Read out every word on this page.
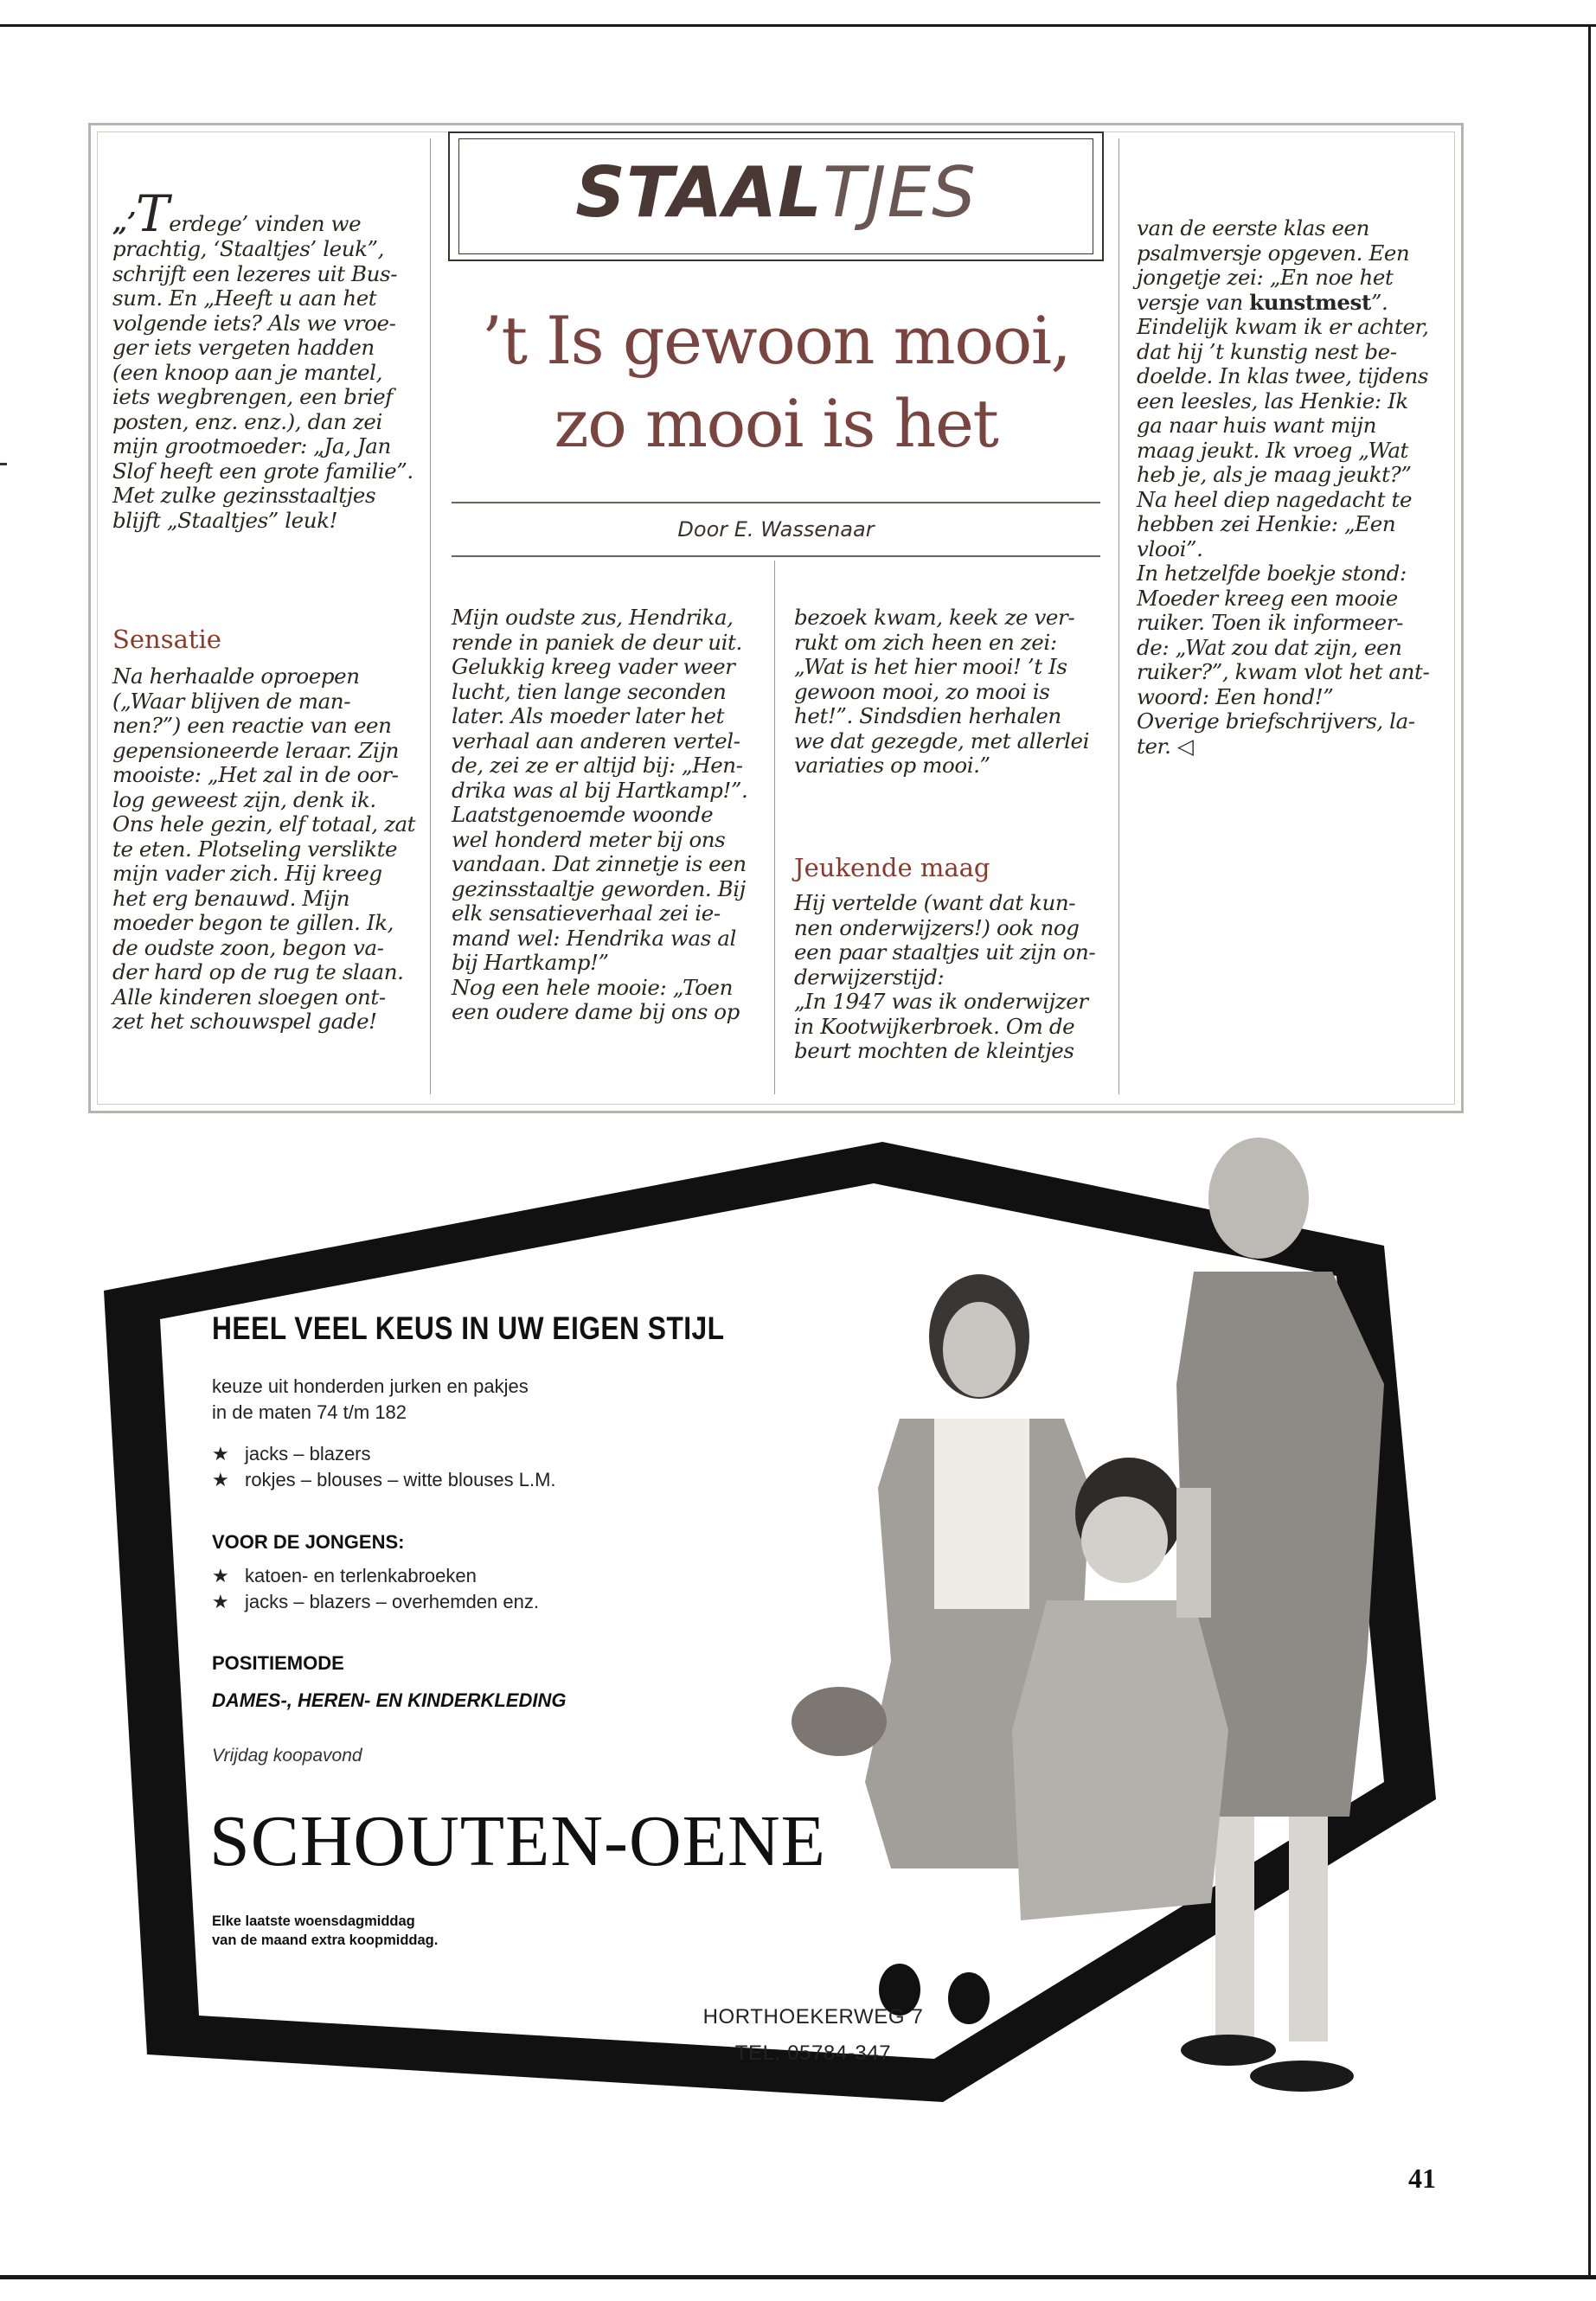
STAALTJES
’t Is gewoon mooi,
zo mooi is het
Door E. Wassenaar
„’Terdege’ vinden we

prachtig, ‘Staaltjes’ leuk”,

schrijft een lezeres uit Bus-

sum. En „Heeft u aan het

volgende iets? Als we vroe-

ger iets vergeten hadden

(een knoop aan je mantel,

iets wegbrengen, een brief

posten, enz. enz.), dan zei

mijn grootmoeder: „Ja, Jan

Slof heeft een grote familie”.

Met zulke gezinsstaaltjes

blijft „Staaltjes” leuk!

Sensatie

Na herhaalde oproepen

(„Waar blijven de man-

nen?”) een reactie van een

gepensioneerde leraar. Zijn

mooiste: „Het zal in de oor-

log geweest zijn, denk ik.

Ons hele gezin, elf totaal, zat

te eten. Plotseling verslikte

mijn vader zich. Hij kreeg

het erg benauwd. Mijn

moeder begon te gillen. Ik,

de oudste zoon, begon va-

der hard op de rug te slaan.

Alle kinderen sloegen ont-

zet het schouwspel gade!

Mijn oudste zus, Hendrika,

rende in paniek de deur uit.

Gelukkig kreeg vader weer

lucht, tien lange seconden

later. Als moeder later het

verhaal aan anderen vertel-

de, zei ze er altijd bij: „Hen-

drika was al bij Hartkamp!”.

Laatstgenoemde woonde

wel honderd meter bij ons

vandaan. Dat zinnetje is een

gezinsstaaltje geworden. Bij

elk sensatieverhaal zei ie-

mand wel: Hendrika was al

bij Hartkamp!”

Nog een hele mooie: „Toen

een oudere dame bij ons op

bezoek kwam, keek ze ver-

rukt om zich heen en zei:

„Wat is het hier mooi! ’t Is

gewoon mooi, zo mooi is

het!”. Sindsdien herhalen

we dat gezegde, met allerlei

variaties op mooi.”

Jeukende maag

Hij vertelde (want dat kun-

nen onderwijzers!) ook nog

een paar staaltjes uit zijn on-

derwijzerstijd:

„In 1947 was ik onderwijzer

in Kootwijkerbroek. Om de

beurt mochten de kleintjes

van de eerste klas een

psalmversje opgeven. Een

jongetje zei: „En noe het

versje van kunstmest”.

Eindelijk kwam ik er achter,

dat hij ’t kunstig nest be-

doelde. In klas twee, tijdens

een leesles, las Henkie: Ik

ga naar huis want mijn

maag jeukt. Ik vroeg „Wat

heb je, als je maag jeukt?”

Na heel diep nagedacht te

hebben zei Henkie: „Een

vlooi”.

In hetzelfde boekje stond:

Moeder kreeg een mooie

ruiker. Toen ik informeer-

de: „Wat zou dat zijn, een

ruiker?”, kwam vlot het ant-

woord: Een hond!”

Overige briefschrijvers, la-

ter. ◁

HEEL VEEL KEUS IN UW EIGEN STIJL
keuze uit honderden jurken en pakjes
in de maten 74 t/m 182
★ jacks – blazers
★ rokjes – blouses – witte blouses L.M.
VOOR DE JONGENS:
★ katoen- en terlenkabroeken
★ jacks – blazers – overhemden enz.
POSITIEMODE
DAMES-, HEREN- EN KINDERKLEDING
Vrijdag koopavond
SCHOUTEN-OENE
Elke laatste woensdagmiddag
van de maand extra koopmiddag.
HORTHOEKERWEG 7
TEL. 05784-347
41
